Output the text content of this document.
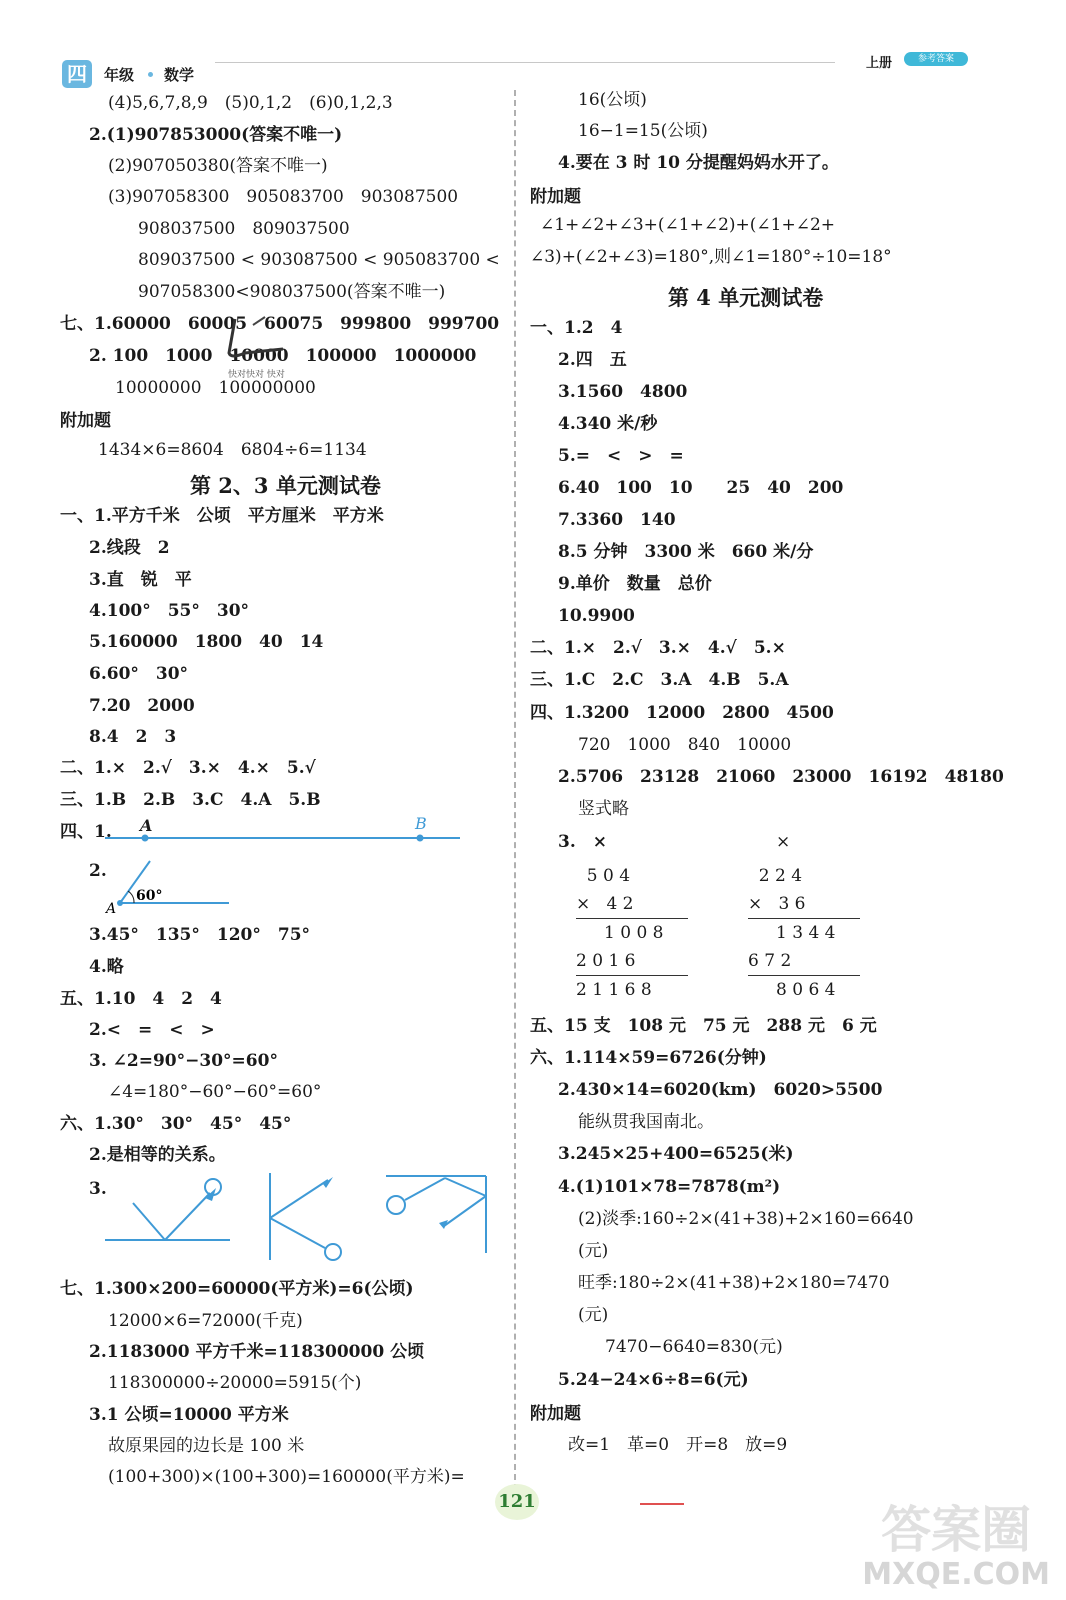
四	年级 数学
上册	参考答案
(4)5,6,7,8,9　(5)0,1,2　(6)0,1,2,3
2.(1)907853000(答案不唯一)
(2)907050380(答案不唯一)
(3)907058300　905083700　903087500
908037500　809037500
809037500 < 903087500 < 905083700 <
907058300<908037500(答案不唯一)
七、1.60000　60005　60075　999800　999700
2. 100　1000　10000　100000　1000000
10000000　100000000
附加题
1434×6=8604　6804÷6=1134
一、1.平方千米　公顷　平方厘米　平方米
2.线段　2
3.直　锐　平
4.100°　55°　30°
5.160000　1800　40　14
6.60°　30°
7.20　2000
8.4　2　3
二、1.×　2.√　3.×　4.×　5.√
三、1.B　2.B　3.C　4.A　5.B
四、1.
2.
3.45°　135°　120°　75°
4.略
五、1.10　4　2　4
2.<　=　<　>
3. ∠2=90°−30°=60°
∠4=180°−60°−60°=60°
六、1.30°　30°　45°　45°
2.是相等的关系。
3.
七、1.300×200=60000(平方米)=6(公顷)
12000×6=72000(千克)
2.1183000 平方千米=118300000 公顷
118300000÷20000=5915(个)
3.1 公顷=10000 平方米
故原果园的边长是 100 米
(100+300)×(100+300)=160000(平方米)=
第 2、3 单元测试卷
16(公顷)
16−1=15(公顷)
4.要在 3 时 10 分提醒妈妈水开了。
附加题
∠1+∠2+∠3+(∠1+∠2)+(∠1+∠2+
∠3)+(∠2+∠3)=180°,则∠1=180°÷10=18°
一、1.2　4
2.四　五
3.1560　4800
4.340 米/秒
5.=　<　>　=
6.40　100　10　　25　40　200
7.3360　140
8.5 分钟　3300 米　660 米/分
9.单价　数量　总价
10.9900
二、1.×　2.√　3.×　4.√　5.×
三、1.C　2.C　3.A　4.B　5.A
四、1.3200　12000　2800　4500
720　1000　840　10000
2.5706　23128　21060　23000　16192　48180
竖式略
3.　×	×
五、15 支　108 元　75 元　288 元　6 元
六、1.114×59=6726(分钟)
2.430×14=6020(km)　6020>5500
能纵贯我国南北。
3.245×25+400=6525(米)
4.(1)101×78=7878(m²)
(2)淡季:160÷2×(41+38)+2×160=6640
(元)
旺季:180÷2×(41+38)+2×180=7470
(元)
7470−6640=830(元)
5.24−24×6÷8=6(元)
附加题
改=1　革=0　开=8　放=9
第 4 单元测试卷
快对快对 快对
A	B
A
60°
5 0 4
×   4 2
1 0 0 8
2 0 1 6
2 1 1 6 8
2 2 4
×   3 6
1 3 4 4
6 7 2
8 0 6 4
121	答案圈
MXQE.COM
